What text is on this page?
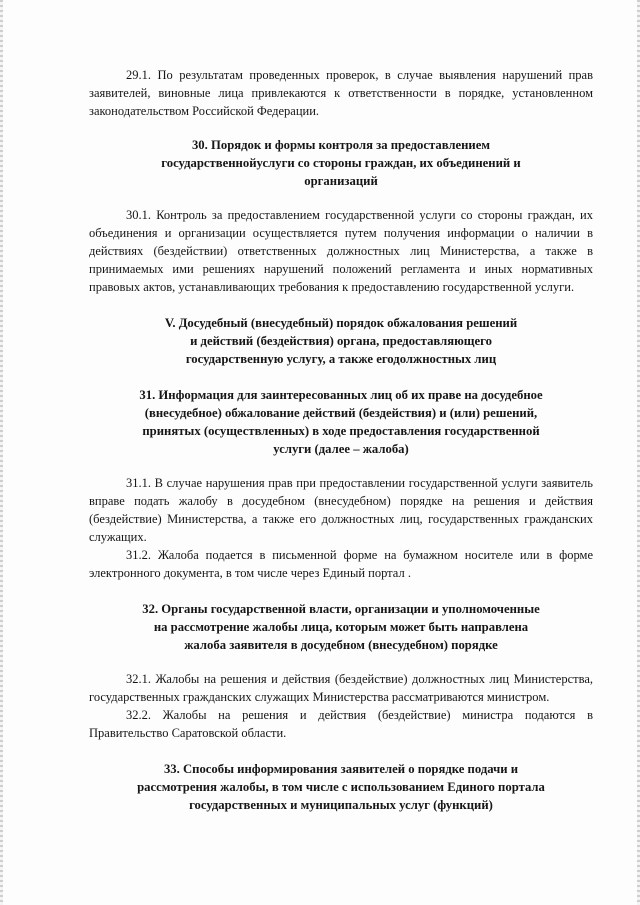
29.1. По результатам проведенных проверок, в случае выявления нарушений прав заявителей, виновные лица привлекаются к ответственности в порядке, установленном законодательством Российской Федерации.

30. Порядок и формы контроля за предоставлением
государственнойуслуги со стороны граждан, их объединений и
организаций

30.1. Контроль за предоставлением государственной услуги со стороны граждан, их объединения и организации осуществляется путем получения информации о наличии в действиях (бездействии) ответственных должностных лиц Министерства, а также в принимаемых ими решениях нарушений положений регламента и иных нормативных правовых актов, устанавливающих требования к предоставлению государственной услуги.

V. Досудебный (внесудебный) порядок обжалования решений
и действий (бездействия) органа, предоставляющего
государственную услугу, а также егодолжностных лиц
31. Информация для заинтересованных лиц об их праве на досудебное
(внесудебное) обжалование действий (бездействия) и (или) решений,
принятых (осуществленных) в ходе предоставления государственной
услуги (далее – жалоба)

31.1. В случае нарушения прав при предоставлении государственной услуги заявитель вправе подать жалобу в досудебном (внесудебном) порядке на решения и действия (бездействие) Министерства, а также его должностных лиц, государственных гражданских служащих.

31.2. Жалоба подается в письменной форме на бумажном носителе или в форме электронного документа, в том числе через Единый портал .

32. Органы государственной власти, организации и уполномоченные
на рассмотрение жалобы лица, которым может быть направлена
жалоба заявителя в досудебном (внесудебном) порядке

32.1. Жалобы на решения и действия (бездействие) должностных лиц Министерства, государственных гражданских служащих Министерства рассматриваются министром.

32.2. Жалобы на решения и действия (бездействие) министра подаются в Правительство Саратовской области.

33. Способы информирования заявителей о порядке подачи и
рассмотрения жалобы, в том числе с использованием Единого портала
государственных и муниципальных услуг (функций)
